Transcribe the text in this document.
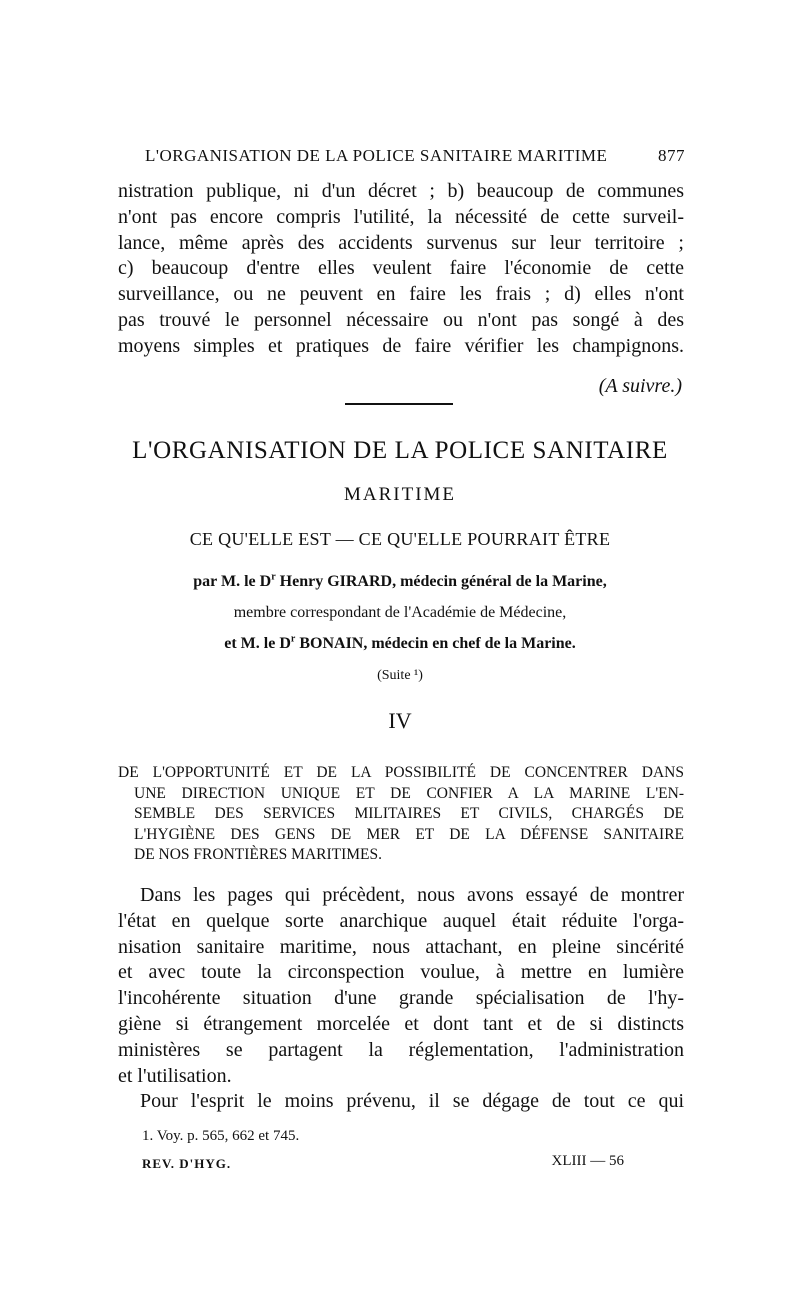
L'ORGANISATION DE LA POLICE SANITAIRE MARITIME	877
nistration publique, ni d'un décret ; b) beaucoup de communes
n'ont pas encore compris l'utilité, la nécessité de cette surveil-
lance, même après des accidents survenus sur leur territoire ;
c) beaucoup d'entre elles veulent faire l'économie de cette
surveillance, ou ne peuvent en faire les frais ; d) elles n'ont
pas trouvé le personnel nécessaire ou n'ont pas songé à des
moyens simples et pratiques de faire vérifier les champignons.
(A suivre.)
L'ORGANISATION DE LA POLICE SANITAIRE
MARITIME
CE QU'ELLE EST — CE QU'ELLE POURRAIT ÊTRE
par M. le $D^r$ Henry GIRARD, médecin général de la Marine,
membre correspondant de l'Académie de Médecine,
et M. le $D^r$ BONAIN, médecin en chef de la Marine.
(Suite ¹)
IV
DE L'OPPORTUNITÉ ET DE LA POSSIBILITÉ DE CONCENTRER DANS
UNE DIRECTION UNIQUE ET DE CONFIER A LA MARINE L'EN-
SEMBLE DES SERVICES MILITAIRES ET CIVILS, CHARGÉS DE
L'HYGIÈNE DES GENS DE MER ET DE LA DÉFENSE SANITAIRE
DE NOS FRONTIÈRES MARITIMES.
Dans les pages qui précèdent, nous avons essayé de montrer
l'état en quelque sorte anarchique auquel était réduite l'orga-
nisation sanitaire maritime, nous attachant, en pleine sincérité
et avec toute la circonspection voulue, à mettre en lumière
l'incohérente situation d'une grande spécialisation de l'hy-
giène si étrangement morcelée et dont tant et de si distincts
ministères se partagent la réglementation, l'administration
et l'utilisation.
Pour l'esprit le moins prévenu, il se dégage de tout ce qui
1. Voy. p. 565, 662 et 745.
REV. D'HYG.	XLIII — 56
